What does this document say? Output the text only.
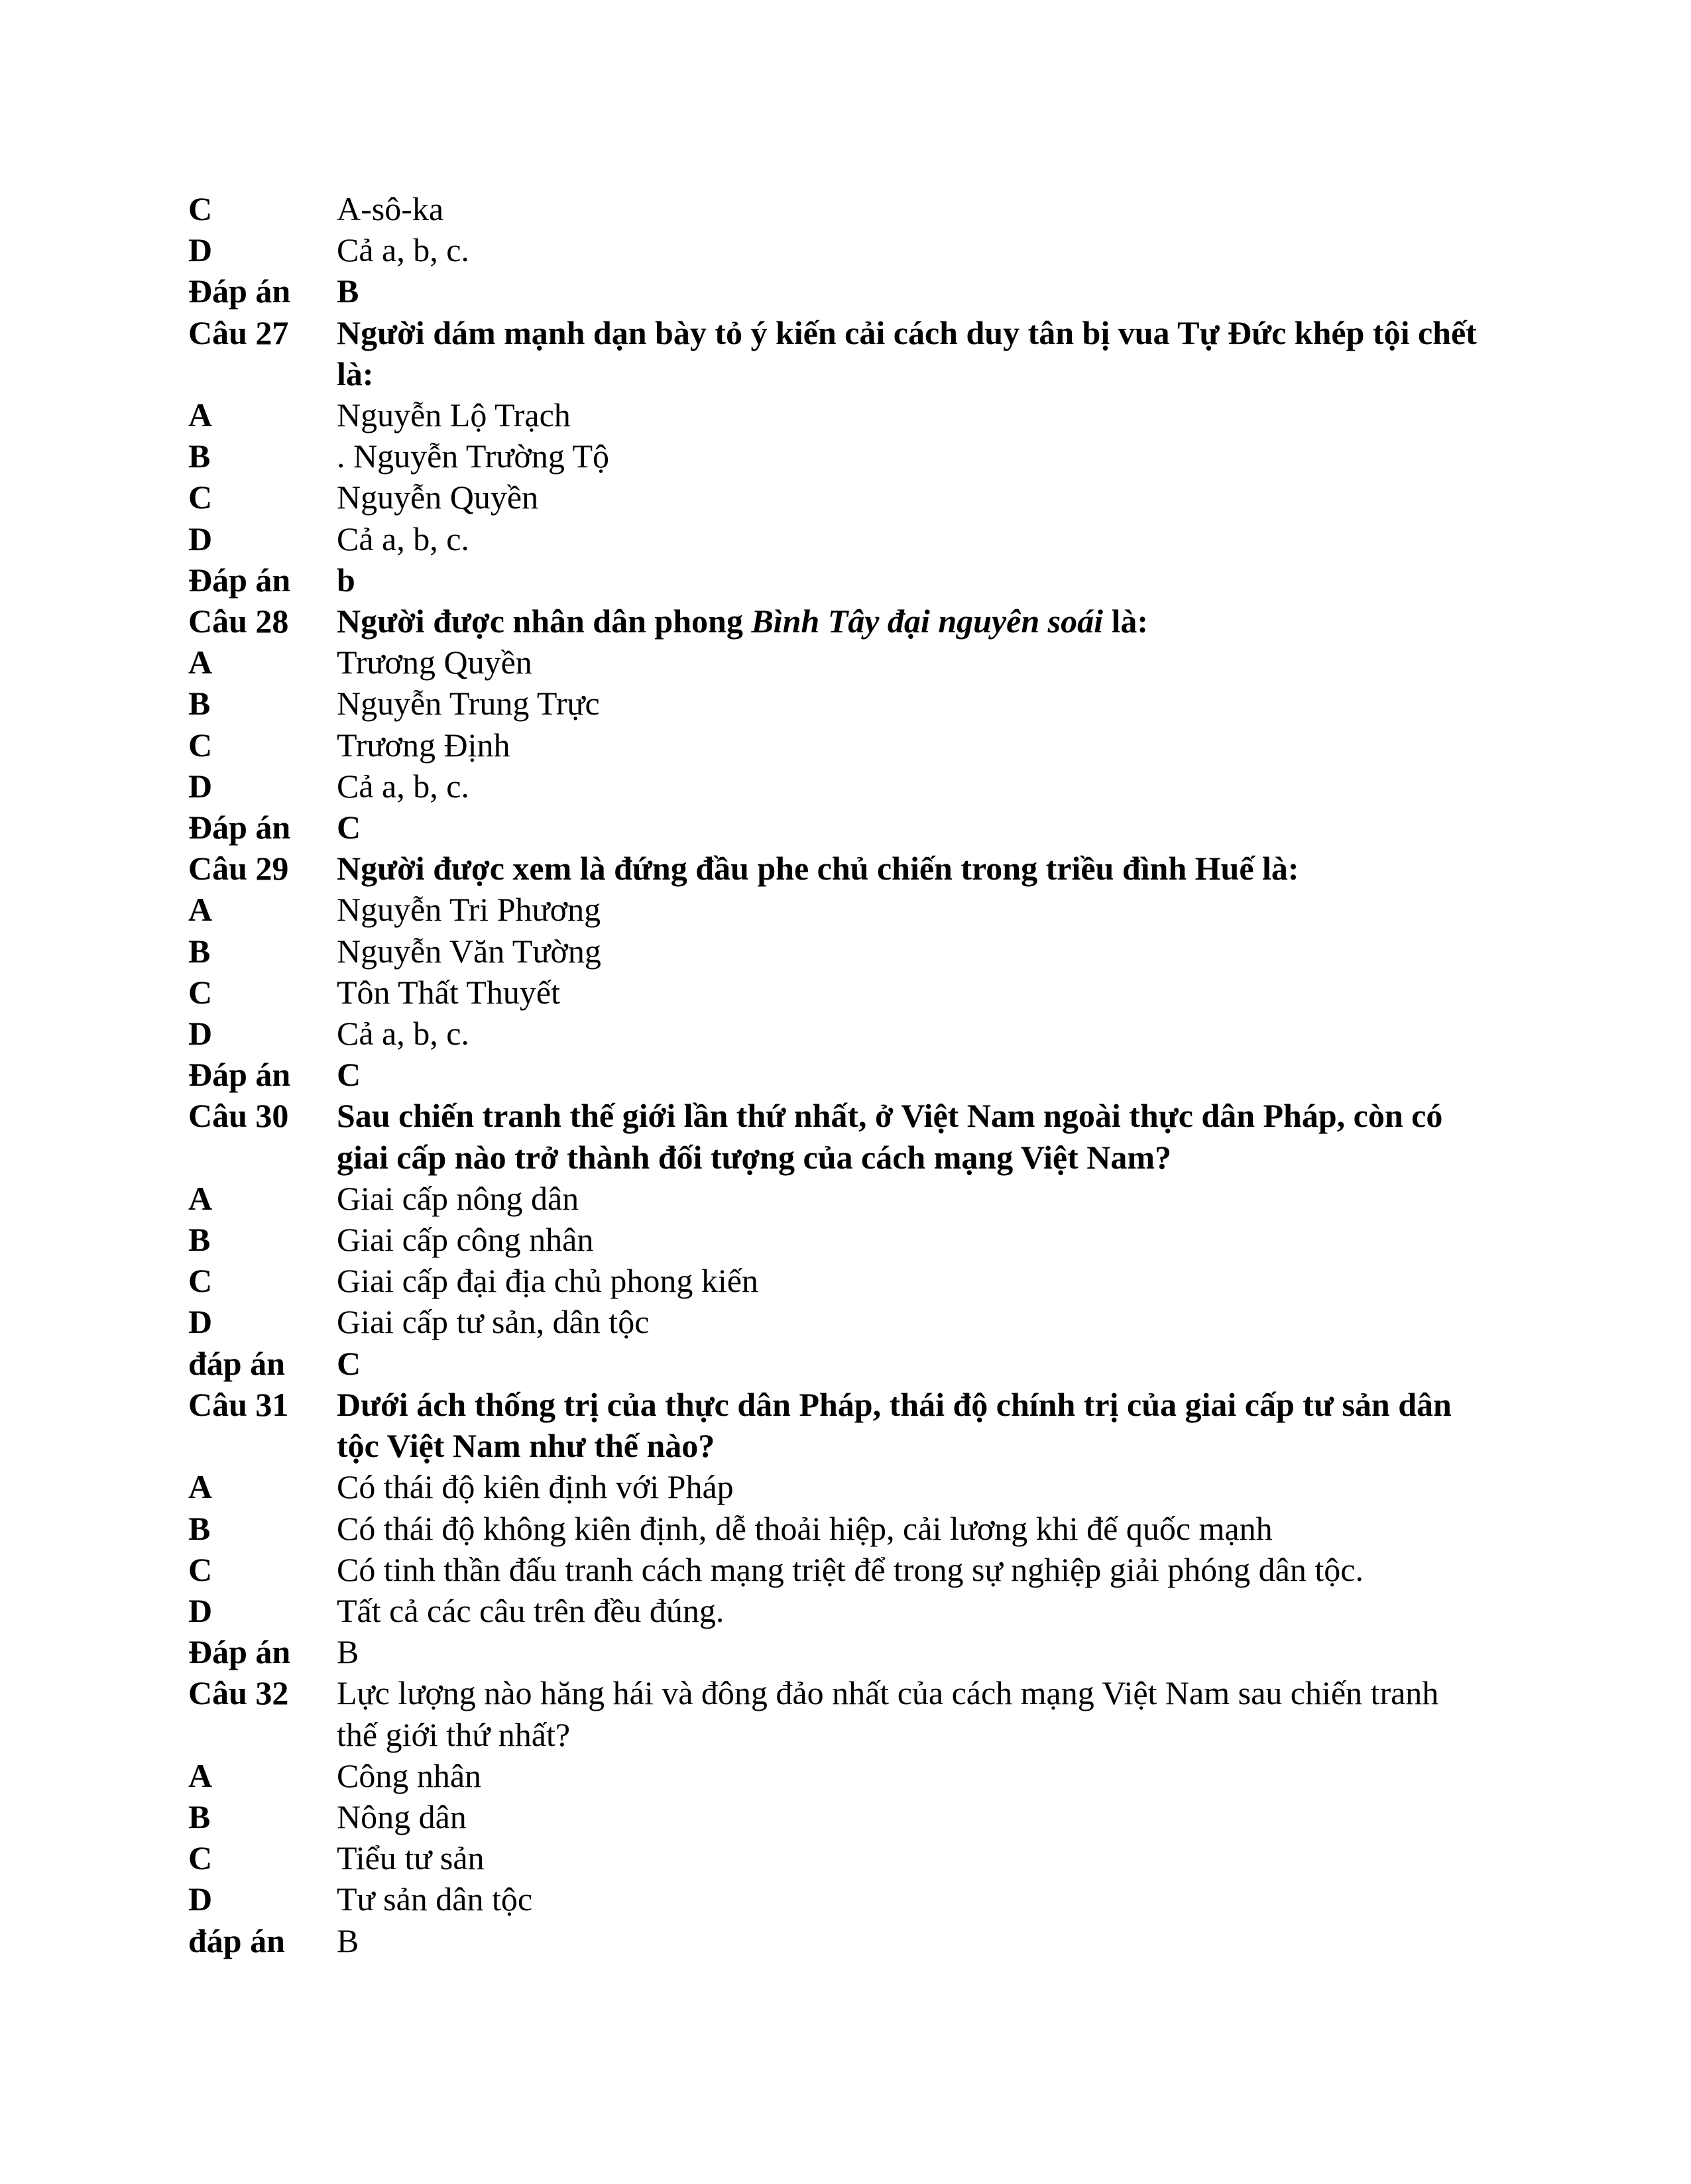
C	A-sô-ka
D	Cả a, b, c.
Đáp án	B
Câu 27	Người dám mạnh dạn bày tỏ ý kiến cải cách duy tân bị vua Tự Đức khép tội chết là:
A	Nguyễn Lộ Trạch
B	. Nguyễn Trường Tộ
C	Nguyễn Quyền
D	Cả a, b, c.
Đáp án	b
Câu 28	Người được nhân dân phong Bình Tây đại nguyên soái là:
A	Trương Quyền
B	Nguyễn Trung Trực
C	Trương Định
D	Cả a, b, c.
Đáp án	C
Câu 29	Người được xem là đứng đầu phe chủ chiến trong triều đình Huế là:
A	Nguyễn Tri Phương
B	Nguyễn Văn Tường
C	Tôn Thất Thuyết
D	Cả a, b, c.
Đáp án	C
Câu 30	Sau chiến tranh thế giới lần thứ nhất, ở Việt Nam ngoài thực dân Pháp, còn có giai cấp nào trở thành đối tượng của cách mạng Việt Nam?
A	Giai cấp nông dân
B	Giai cấp công nhân
C	Giai cấp đại địa chủ phong kiến
D	Giai cấp tư sản, dân tộc
đáp án	C
Câu 31	Dưới ách thống trị của thực dân Pháp, thái độ chính trị của giai cấp tư sản dân tộc Việt Nam như thế nào?
A	Có thái độ kiên định với Pháp
B	Có thái độ không kiên định, dễ thoải hiệp, cải lương khi đế quốc mạnh
C	Có tinh thần đấu tranh cách mạng triệt để trong sự nghiệp giải phóng dân tộc.
D	Tất cả các câu trên đều đúng.
Đáp án	B
Câu 32	Lực lượng nào hăng hái và đông đảo nhất của cách mạng Việt Nam sau chiến tranh thế giới thứ nhất?
A	Công nhân
B	Nông dân
C	Tiểu tư sản
D	Tư sản dân tộc
đáp án	B
